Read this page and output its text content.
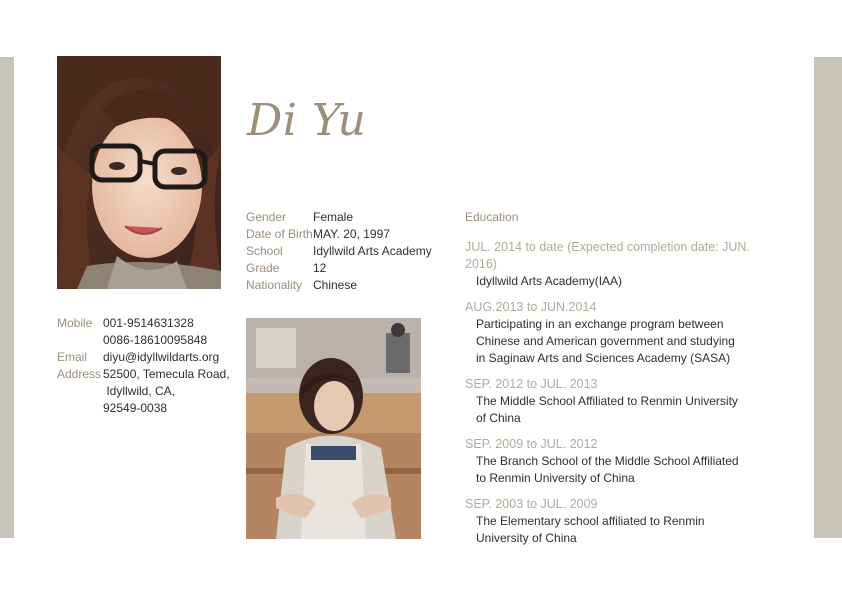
Di Yu
Gender	Female
Date of Birth MAY. 20, 1997
School	Idyllwild Arts Academy
Grade	12
Nationality Chinese
Mobile 001-9514631328
0086-18610095848
Email	diyu@idyllwildarts.org
Address 52500, Temecula Road,
Idyllwild, CA,
92549-0038
Education
JUL. 2014 to date (Expected completion date: JUN. 2016)
Idyllwild Arts Academy(IAA)
AUG.2013 to JUN.2014
Participating in an exchange program between
Chinese and American government and studying
in Saginaw Arts and Sciences Academy (SASA)
SEP. 2012 to JUL. 2013
The Middle School Affiliated to Renmin University
of China
SEP. 2009 to JUL. 2012
The Branch School of the Middle School Affiliated
to Renmin University of China
SEP. 2003 to JUL. 2009
The Elementary school affiliated to Renmin
University of China
